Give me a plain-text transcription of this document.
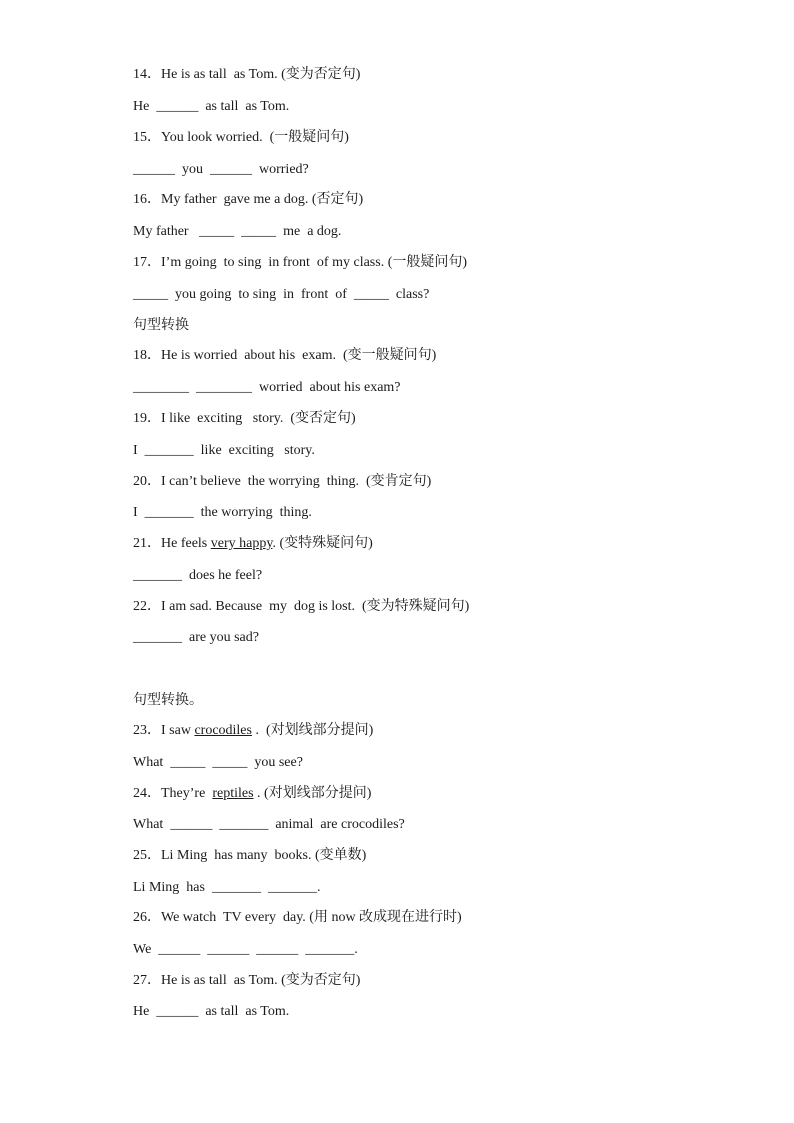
14．He is as tall  as Tom. (变为否定句)
He  ______  as tall  as Tom.
15．You look worried.  (一般疑问句)
______  you  ______  worried?
16．My father  gave me a dog. (否定句)
My father   _____  _____  me  a dog.
17．I’m going  to sing  in front  of my class. (一般疑问句)
_____  you going  to sing  in  front  of  _____  class?
句型转换
18．He is worried  about his  exam.  (变一般疑问句)
________  ________  worried  about his exam?
19．I like  exciting   story.  (变否定句)
I  _______  like  exciting   story.
20．I can’t believe  the worrying  thing.  (变肯定句)
I  _______  the worrying  thing.
21．He feels very happy. (变特殊疑问句)
_______  does he feel?
22．I am sad. Because  my  dog is lost.  (变为特殊疑问句)
_______  are you sad?
句型转换。
23．I saw crocodiles .  (对划线部分提问)
What  _____  _____  you see?
24．They’re  reptiles . (对划线部分提问)
What  ______  _______  animal  are crocodiles?
25．Li Ming  has many  books. (变单数)
Li Ming  has  _______  _______.
26．We watch  TV every  day. (用 now 改成现在进行时)
We  ______  ______  ______  _______.
27．He is as tall  as Tom. (变为否定句)
He  ______  as tall  as Tom.
